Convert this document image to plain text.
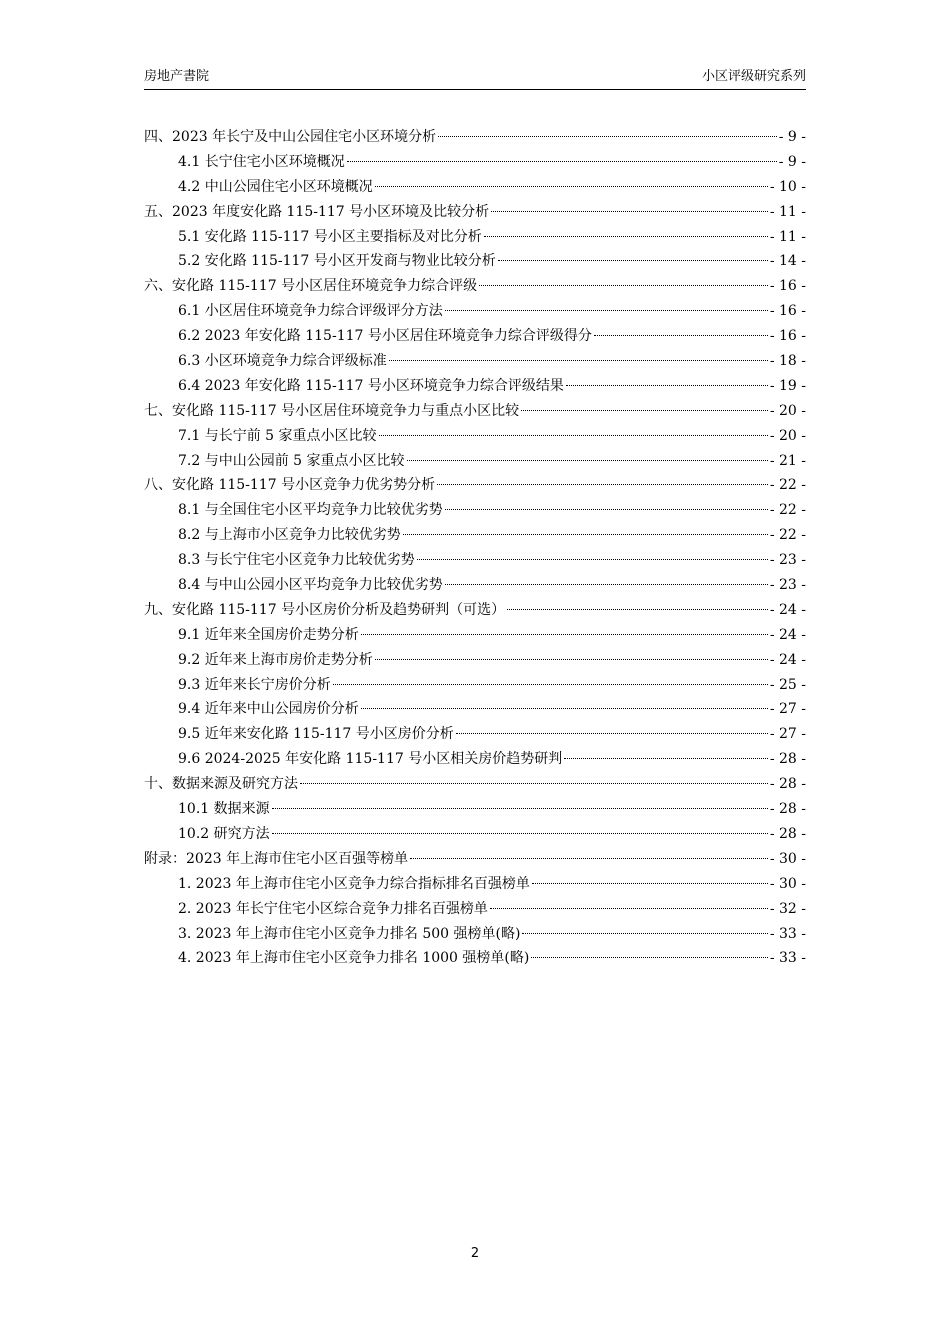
房地产書院	小区评级研究系列
四、2023 年长宁及中山公园住宅小区环境分析	- 9 -
4.1 长宁住宅小区环境概况	- 9 -
4.2 中山公园住宅小区环境概况	- 10 -
五、2023 年度安化路 115-117 号小区环境及比较分析	- 11 -
5.1 安化路 115-117 号小区主要指标及对比分析	- 11 -
5.2 安化路 115-117 号小区开发商与物业比较分析	- 14 -
六、安化路 115-117 号小区居住环境竞争力综合评级	- 16 -
6.1 小区居住环境竞争力综合评级评分方法	- 16 -
6.2 2023 年安化路 115-117 号小区居住环境竞争力综合评级得分	- 16 -
6.3 小区环境竞争力综合评级标准	- 18 -
6.4 2023 年安化路 115-117 号小区环境竞争力综合评级结果	- 19 -
七、安化路 115-117 号小区居住环境竞争力与重点小区比较	- 20 -
7.1 与长宁前 5 家重点小区比较	- 20 -
7.2 与中山公园前 5 家重点小区比较	- 21 -
八、安化路 115-117 号小区竞争力优劣势分析	- 22 -
8.1 与全国住宅小区平均竞争力比较优劣势	- 22 -
8.2 与上海市小区竞争力比较优劣势	- 22 -
8.3 与长宁住宅小区竞争力比较优劣势	- 23 -
8.4 与中山公园小区平均竞争力比较优劣势	- 23 -
九、安化路 115-117 号小区房价分析及趋势研判（可选）	- 24 -
9.1 近年来全国房价走势分析	- 24 -
9.2 近年来上海市房价走势分析	- 24 -
9.3 近年来长宁房价分析	- 25 -
9.4 近年来中山公园房价分析	- 27 -
9.5 近年来安化路 115-117 号小区房价分析	- 27 -
9.6 2024-2025 年安化路 115-117 号小区相关房价趋势研判	- 28 -
十、数据来源及研究方法	- 28 -
10.1 数据来源	- 28 -
10.2 研究方法	- 28 -
附录：2023 年上海市住宅小区百强等榜单	- 30 -
1. 2023 年上海市住宅小区竞争力综合指标排名百强榜单	- 30 -
2. 2023 年长宁住宅小区综合竞争力排名百强榜单	- 32 -
3. 2023 年上海市住宅小区竞争力排名 500 强榜单(略)	- 33 -
4. 2023 年上海市住宅小区竞争力排名 1000 强榜单(略)	- 33 -
2
